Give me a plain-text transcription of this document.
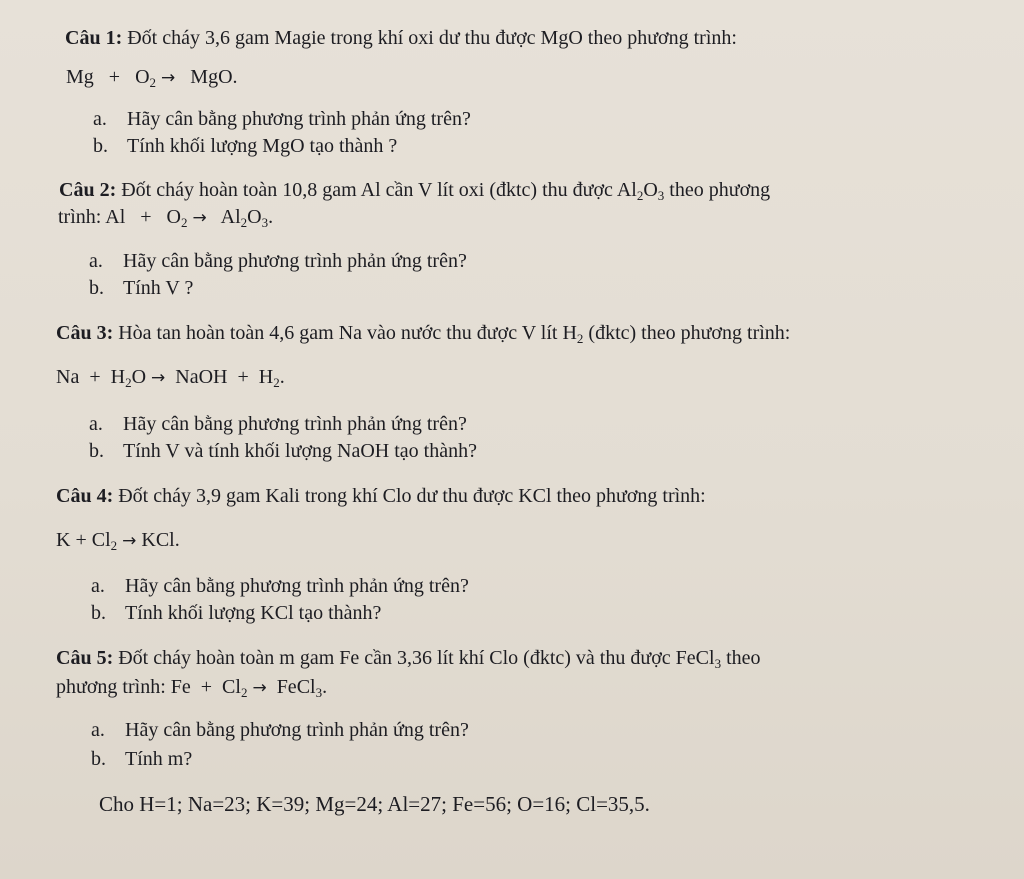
Câu 1: Đốt cháy 3,6 gam Magie trong khí oxi dư thu được MgO theo phương trình:
$Mg + O_2$ → MgO.
a. Hãy cân bằng phương trình phản ứng trên?
b. Tính khối lượng MgO tạo thành ?
Câu 2: Đốt cháy hoàn toàn 10,8 gam Al cần V lít oxi (đktc) thu được $Al_2O_3$ theo phương
trình: $Al + O_2 \to Al_2O_3$.
a. Hãy cân bằng phương trình phản ứng trên?
b. Tính V ?
Câu 3: Hòa tan hoàn toàn 4,6 gam Na vào nước thu được V lít $H_2$ (đktc) theo phương trình:
$Na + H_2O$ → NaOH + $H_2$.
a. Hãy cân bằng phương trình phản ứng trên?
b. Tính V và tính khối lượng NaOH tạo thành?
Câu 4: Đốt cháy 3,9 gam Kali trong khí Clo dư thu được KCl theo phương trình:
$K + Cl_2$ → KCl.
a. Hãy cân bằng phương trình phản ứng trên?
b. Tính khối lượng KCl tạo thành?
Câu 5: Đốt cháy hoàn toàn m gam Fe cần 3,36 lít khí Clo (đktc) và thu được FeCl$_3$ theo
phương trình: $Fe + Cl_2$ → FeCl$_3$.
a. Hãy cân bằng phương trình phản ứng trên?
b. Tính m?
Cho H=1; Na=23; K=39; Mg=24; Al=27; Fe=56; O=16; Cl=35,5.
